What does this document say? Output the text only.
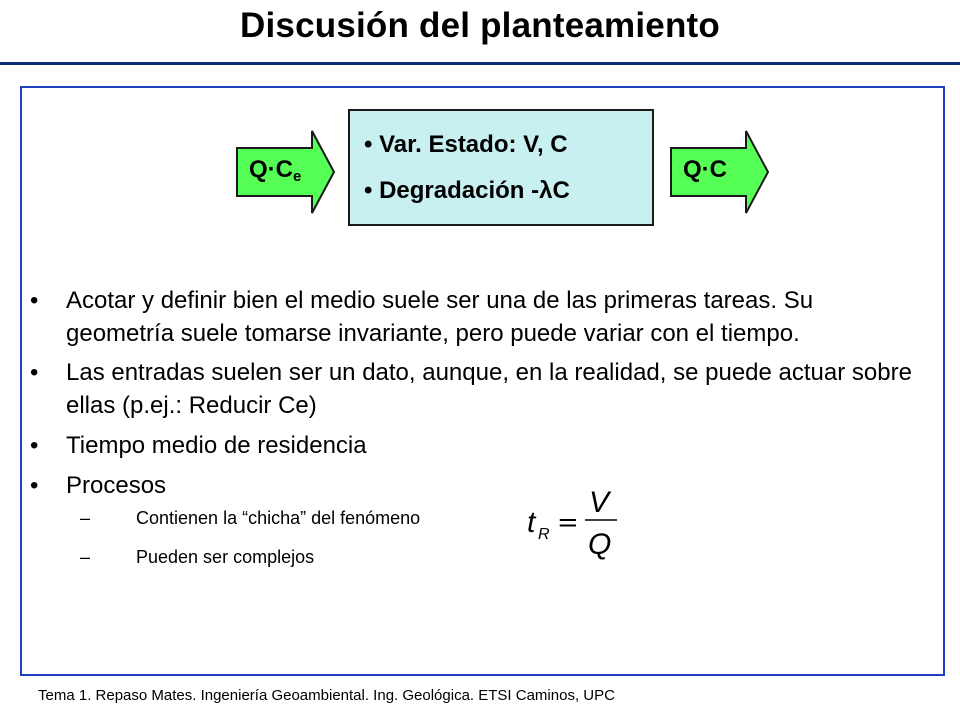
Discusión del planteamiento
$Q\cdot C_e$
• Var. Estado: V, C
• Degradación -λC
Q·C
• Acotar y definir bien el medio suele ser una de las primeras tareas. Su geometría suele tomarse invariante, pero puede variar con el tiempo.
• Las entradas suelen ser un dato, aunque, en la realidad, se puede actuar sobre ellas (p.ej.: Reducir Ce)
• Tiempo medio de residencia
• Procesos
–	Contienen la “chicha” del fenómeno
–	Pueden ser complejos
t R =
V
Q
Tema 1. Repaso Mates. Ingeniería Geoambiental. Ing. Geológica. ETSI Caminos, UPC
